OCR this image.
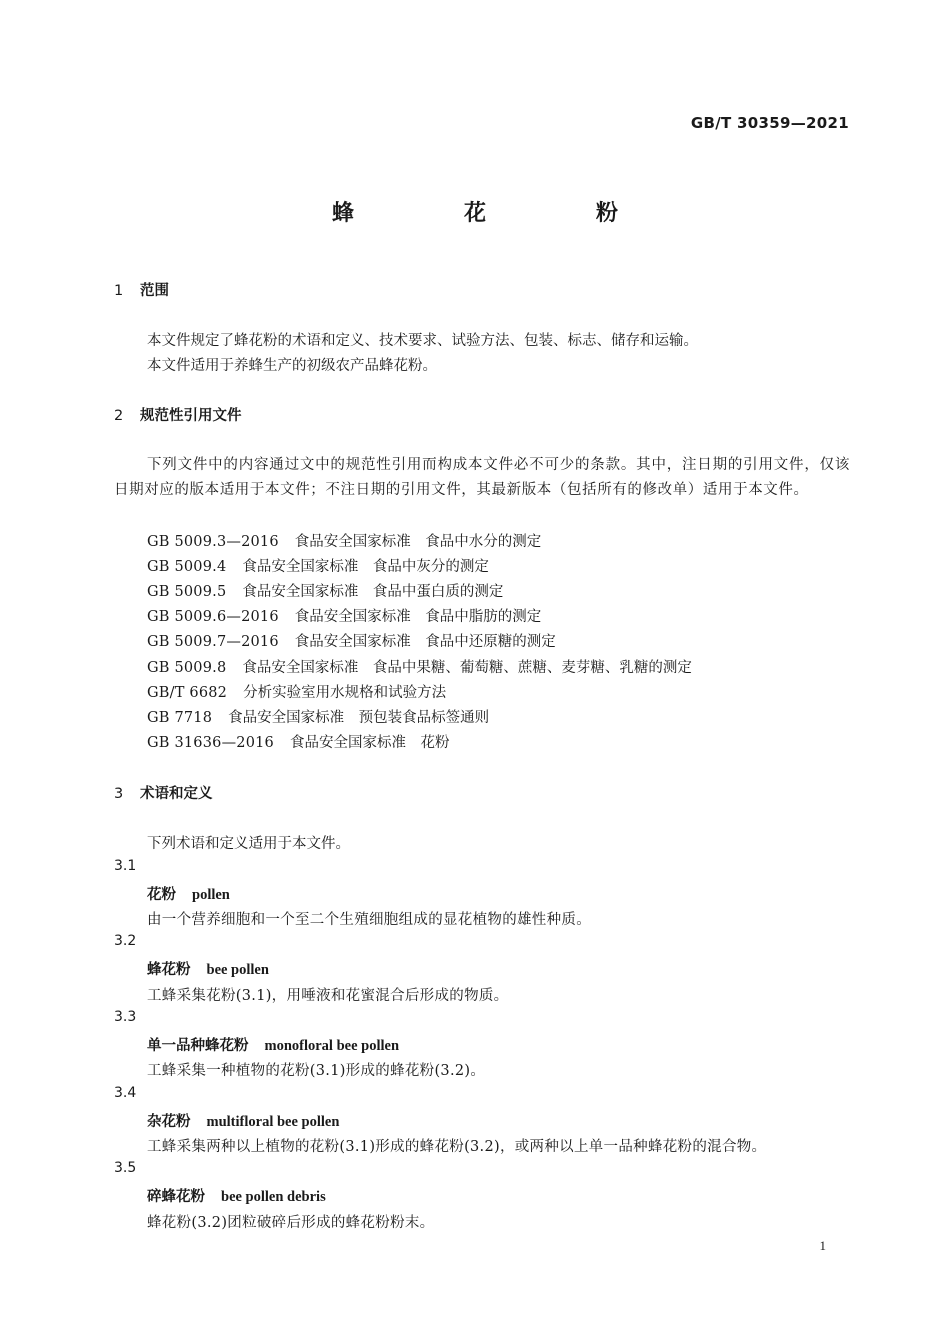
GB/T 30359—2021
蜂　花　粉
1 范围
本文件规定了蜂花粉的术语和定义、技术要求、试验方法、包装、标志、储存和运输。
本文件适用于养蜂生产的初级农产品蜂花粉。
2 规范性引用文件
下列文件中的内容通过文中的规范性引用而构成本文件必不可少的条款。其中，注日期的引用文件，仅该日期对应的版本适用于本文件；不注日期的引用文件，其最新版本（包括所有的修改单）适用于本文件。
GB 5009.3—2016 食品安全国家标准　食品中水分的测定
GB 5009.4 食品安全国家标准　食品中灰分的测定
GB 5009.5 食品安全国家标准　食品中蛋白质的测定
GB 5009.6—2016 食品安全国家标准　食品中脂肪的测定
GB 5009.7—2016 食品安全国家标准　食品中还原糖的测定
GB 5009.8 食品安全国家标准　食品中果糖、葡萄糖、蔗糖、麦芽糖、乳糖的测定
GB/T 6682 分析实验室用水规格和试验方法
GB 7718 食品安全国家标准　预包装食品标签通则
GB 31636—2016 食品安全国家标准　花粉
3 术语和定义
下列术语和定义适用于本文件。
3.1
花粉 pollen
由一个营养细胞和一个至二个生殖细胞组成的显花植物的雄性种质。
3.2
蜂花粉 bee pollen
工蜂采集花粉(3.1)，用唾液和花蜜混合后形成的物质。
3.3
单一品种蜂花粉 monofloral bee pollen
工蜂采集一种植物的花粉(3.1)形成的蜂花粉(3.2)。
3.4
杂花粉 multifloral bee pollen
工蜂采集两种以上植物的花粉(3.1)形成的蜂花粉(3.2)，或两种以上单一品种蜂花粉的混合物。
3.5
碎蜂花粉 bee pollen debris
蜂花粉(3.2)团粒破碎后形成的蜂花粉粉末。
1
